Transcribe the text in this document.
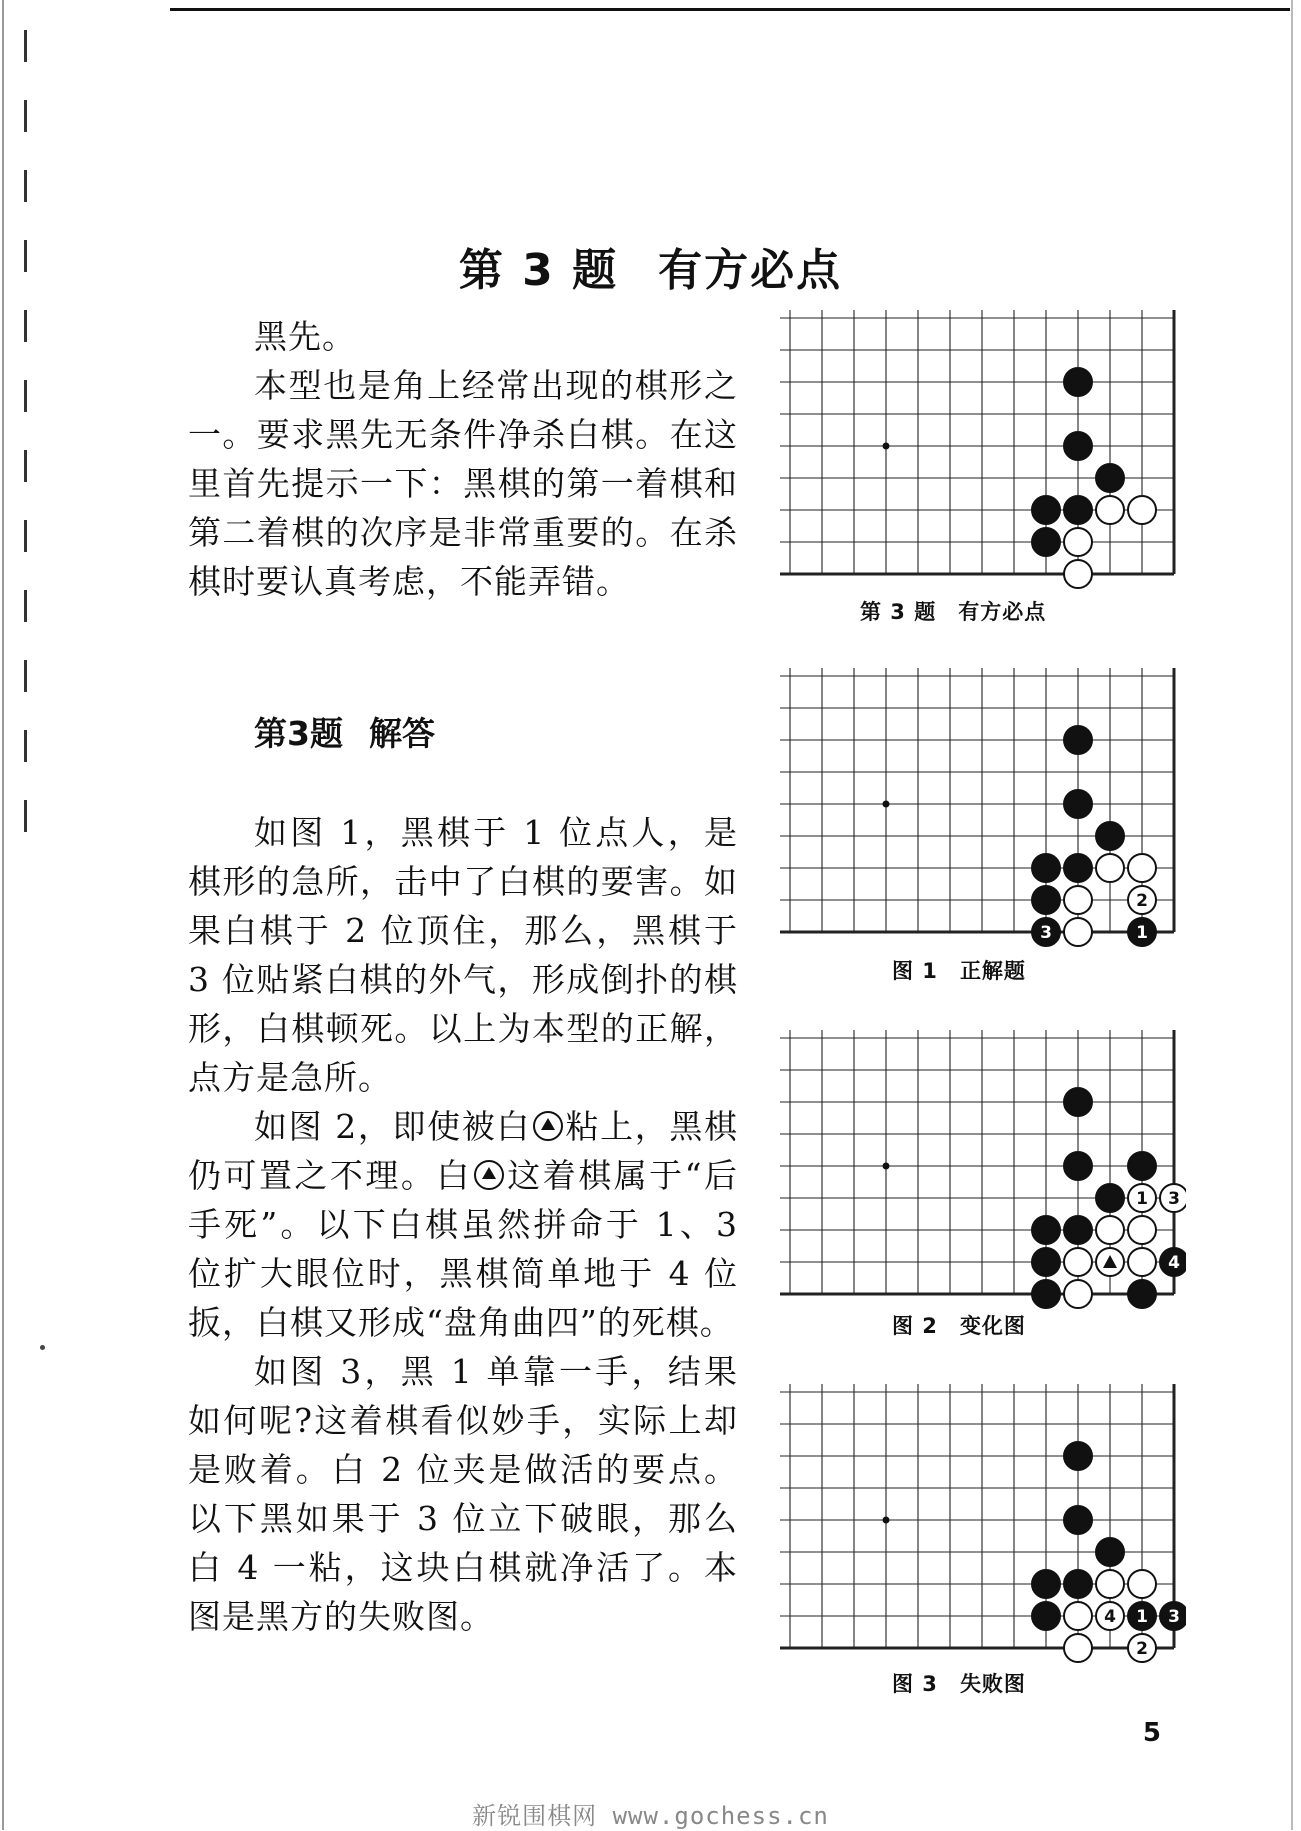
第 3 题 有方必点

黑先。

本型也是角上经常出现的棋形之一。要求黑先无条件净杀白棋。在这里首先提示一下：黑棋的第一着棋和第二着棋的次序是非常重要的。在杀棋时要认真考虑，不能弄错。

第3题 解答

如图 1，黑棋于 1 位点人，是棋形的急所，击中了白棋的要害。如果白棋于 2 位顶住，那么，黑棋于 3 位贴紧白棋的外气，形成倒扑的棋形，白棋顿死。以上为本型的正解，点方是急所。

如图 2，即使被白 粘上，黑棋仍可置之不理。白 这着棋属于“后手死”。以下白棋虽然拼命于 1、3 位扩大眼位时，黑棋简单地于 4 位扳，白棋又形成“盘角曲四”的死棋。

如图 3，黑 1 单靠一手，结果如何呢?这着棋看似妙手，实际上却是败着。白 2 位夹是做活的要点。以下黑如果于 3 位立下破眼，那么白 4 一粘，这块白棋就净活了。本图是黑方的失败图。

第 3 题 有方必点
2
3	1
图 1 正解题
1 3
4
图 2 变化图
4 1 3
2
图 3 失败图
5
新锐围棋网 www.gochess.cn
